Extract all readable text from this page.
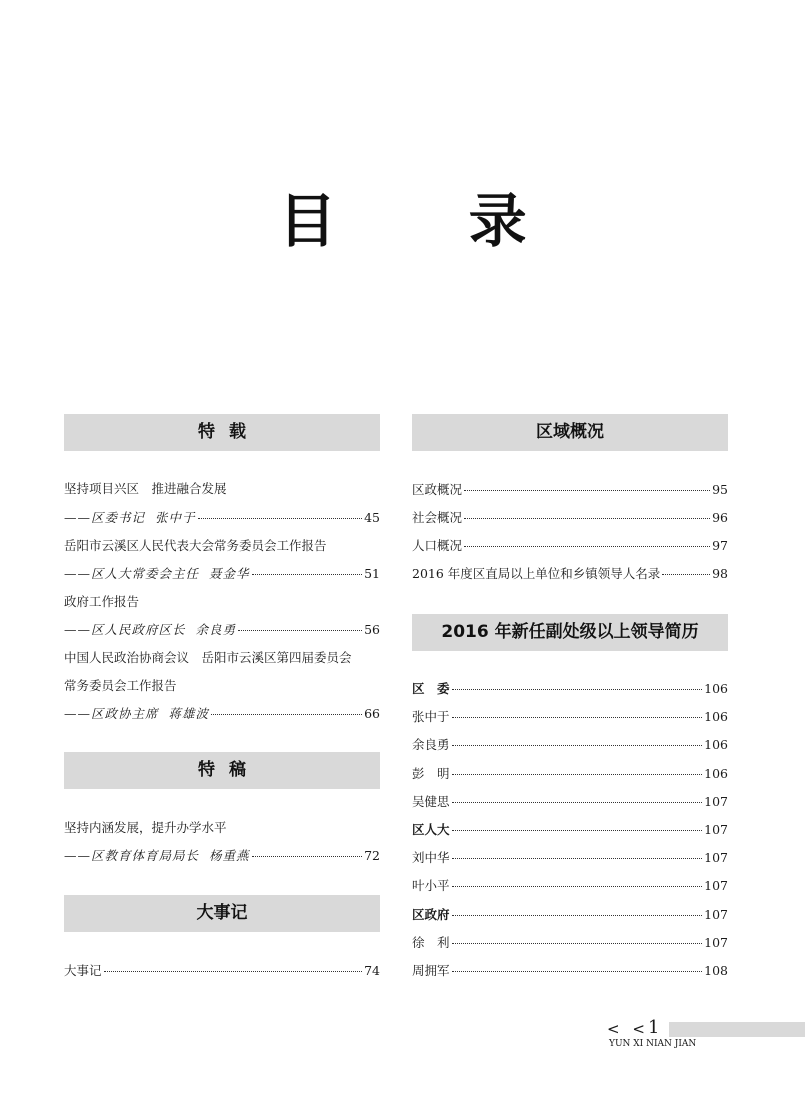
目 录
特载
坚持项目兴区　推进融合发展
——区委书记 张中于	45
岳阳市云溪区人民代表大会常务委员会工作报告
——区人大常委会主任 聂金华	51
政府工作报告
——区人民政府区长 余良勇	56
中国人民政治协商会议　岳阳市云溪区第四届委员会
常务委员会工作报告
——区政协主席 蒋雄波	66
特稿
坚持内涵发展，提升办学水平
——区教育体育局局长 杨重燕	72
大事记
大事记	74
区域概况
区政概况	95
社会概况	96
人口概况	97
2016 年度区直局以上单位和乡镇领导人名录	98
2016 年新任副处级以上领导简历
区　委	106
张中于	106
余良勇	106
彭　明	106
吴健思	107
区人大	107
刘中华	107
叶小平	107
区政府	107
徐　利	107
周拥军	108
< < 1
YUN XI NIAN JIAN
